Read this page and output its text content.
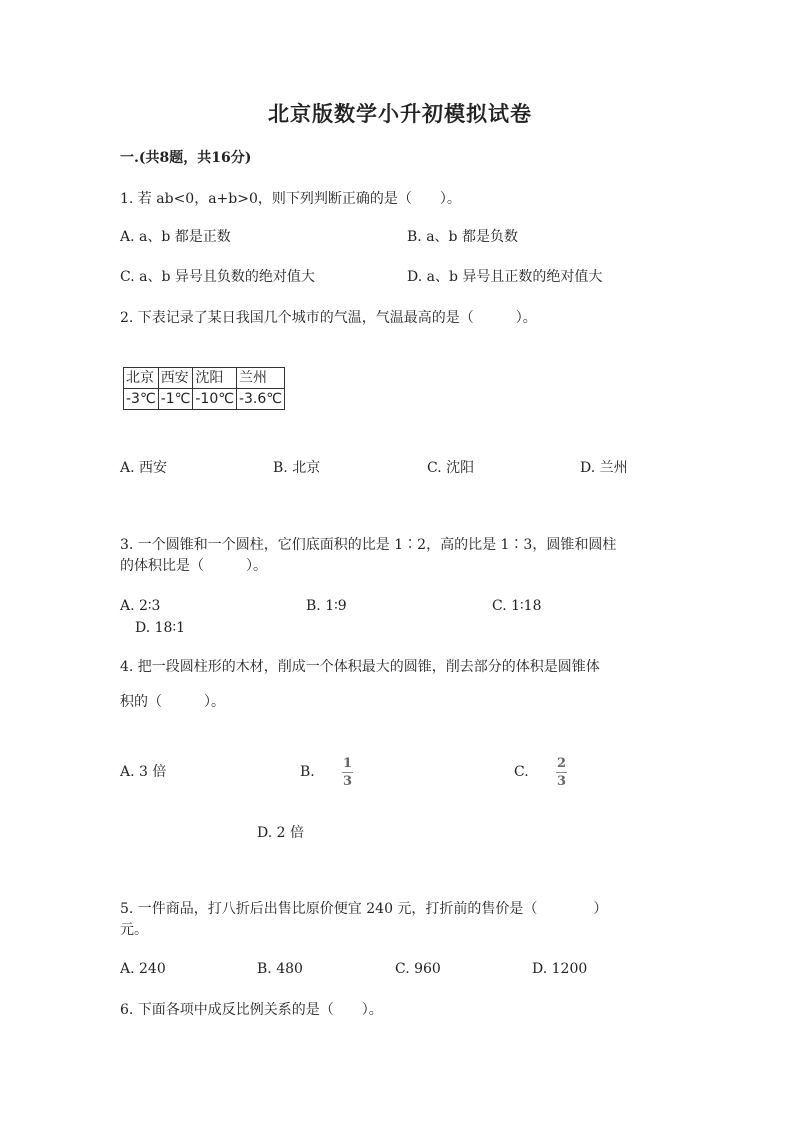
北京版数学小升初模拟试卷
一.(共8题，共16分)
1. 若 ab<0，a+b>0，则下列判断正确的是（　　）。
A. a、b 都是正数	B. a、b 都是负数
C. a、b 异号且负数的绝对值大	D. a、b 异号且正数的绝对值大
2. 下表记录了某日我国几个城市的气温，气温最高的是（　　　）。
北京	西安	沈阳	兰州
-3℃	-1℃	-10℃	-3.6℃
A. 西安	B. 北京	C. 沈阳	D. 兰州
3. 一个圆锥和一个圆柱，它们底面积的比是 1∶2，高的比是 1∶3，圆锥和圆柱
的体积比是（　　　）。
A. 2∶3	B. 1∶9	C. 1∶18
D. 18∶1
4. 把一段圆柱形的木材，削成一个体积最大的圆锥，削去部分的体积是圆锥体
积的（　　　）。
A. 3 倍	B.
1
3
C.
2
3
D. 2 倍
5. 一件商品，打八折后出售比原价便宜 240 元，打折前的售价是（　　　　）
元。
A. 240	B. 480	C. 960	D. 1200
6. 下面各项中成反比例关系的是（　　）。
